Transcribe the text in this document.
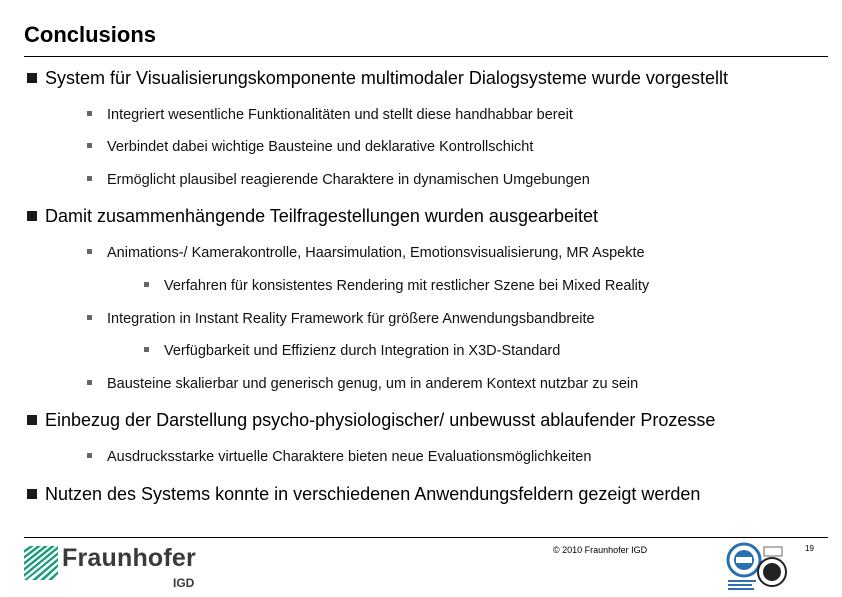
Conclusions
System für Visualisierungskomponente multimodaler Dialogsysteme wurde vorgestellt
Integriert wesentliche Funktionalitäten und stellt diese handhabbar bereit
Verbindet dabei wichtige Bausteine und deklarative Kontrollschicht
Ermöglicht plausibel reagierende Charaktere in dynamischen Umgebungen
Damit zusammenhängende Teilfragestellungen wurden ausgearbeitet
Animations-/ Kamerakontrolle, Haarsimulation, Emotionsvisualisierung, MR Aspekte
Verfahren für konsistentes Rendering mit restlicher Szene bei Mixed Reality
Integration in Instant Reality Framework für größere Anwendungsbandbreite
Verfügbarkeit und Effizienz durch Integration in X3D-Standard
Bausteine skalierbar und generisch genug, um in anderem Kontext nutzbar zu sein
Einbezug der Darstellung psycho-physiologischer/ unbewusst ablaufender Prozesse
Ausdrucksstarke virtuelle Charaktere bieten neue Evaluationsmöglichkeiten
Nutzen des Systems konnte in verschiedenen Anwendungsfeldern gezeigt werden
Fraunhofer
IGD
© 2010 Fraunhofer IGD	19
